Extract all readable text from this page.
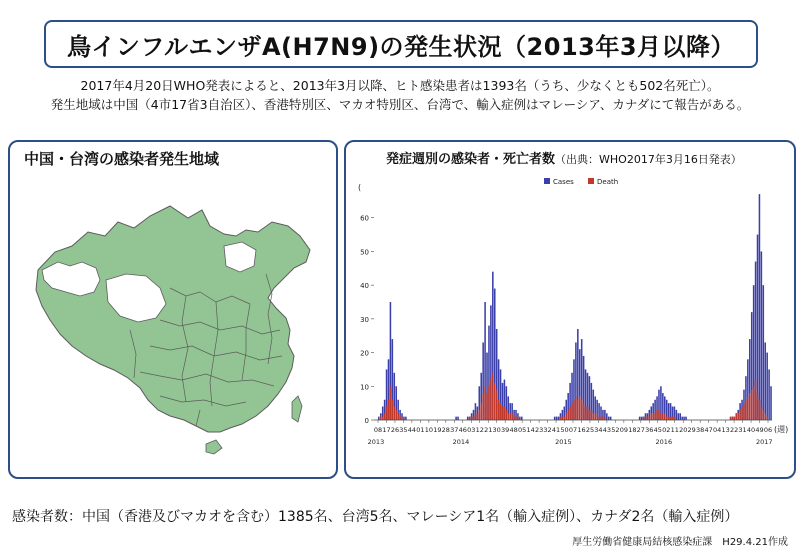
鳥インフルエンザA(H7N9)の発生状況（2013年3月以降）
2017年4月20日WHO発表によると、2013年3月以降、ヒト感染患者は1393名（うち、少なくとも502名死亡）。
発生地域は中国（4市17省3自治区）、香港特別区、マカオ特別区、台湾で、輸入症例はマレーシア、カナダにて報告がある。
中国・台湾の感染者発生地域	発症週別の感染者・死亡者数（出典：WHO2017年3月16日発表）
0
10
20
30
40
50
60
(
08 17 26 35 44 01 10 19 28 37 46 03 12 21 30 39 48 05 14 23 32 41 50 07 16 25 34 43 52 09 18 27 36 45 02 11 20 29 38 47 04 13 22 31 40 49 06
2013	2014	2015	2016	2017
(週)
Cases	Death
感染者数：中国（香港及びマカオを含む）1385名、台湾5名、マレーシア1名（輸入症例）、カナダ2名（輸入症例）
厚生労働省健康局結核感染症課　H29.4.21作成
